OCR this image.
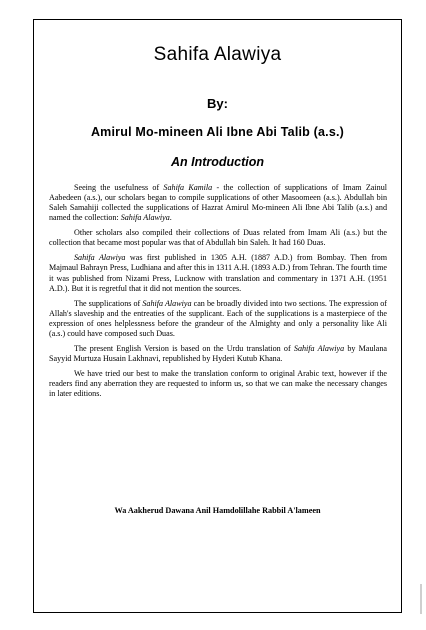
Sahifa Alawiya
By:
Amirul Mo-mineen Ali Ibne Abi Talib (a.s.)
An Introduction

Seeing the usefulness of Sahifa Kamila - the collection of supplications of Imam Zainul Aabedeen (a.s.), our scholars began to compile supplications of other Masoomeen (a.s.). Abdullah bin Saleh Samahiji collected the supplications of Hazrat Amirul Mo-mineen Ali Ibne Abi Talib (a.s.) and named the collection: Sahifa Alawiya.

Other scholars also compiled their collections of Duas related from Imam Ali (a.s.) but the collection that became most popular was that of Abdullah bin Saleh. It had 160 Duas.

Sahifa Alawiya was first published in 1305 A.H. (1887 A.D.) from Bombay. Then from Majmaul Bahrayn Press, Ludhiana and after this in 1311 A.H. (1893 A.D.) from Tehran. The fourth time it was published from Nizami Press, Lucknow with translation and commentary in 1371 A.H. (1951 A.D.). But it is regretful that it did not mention the sources.

The supplications of Sahifa Alawiya can be broadly divided into two sections. The expression of Allah's slaveship and the entreaties of the supplicant. Each of the supplications is a masterpiece of the expression of ones helplessness before the grandeur of the Almighty and only a personality like Ali (a.s.) could have composed such Duas.

The present English Version is based on the Urdu translation of Sahifa Alawiya by Maulana Sayyid Murtuza Husain Lakhnavi, republished by Hyderi Kutub Khana.

We have tried our best to make the translation conform to original Arabic text, however if the readers find any aberration they are requested to inform us, so that we can make the necessary changes in later editions.

Wa Aakherud Dawana Anil Hamdolillahe Rabbil A'lameen
